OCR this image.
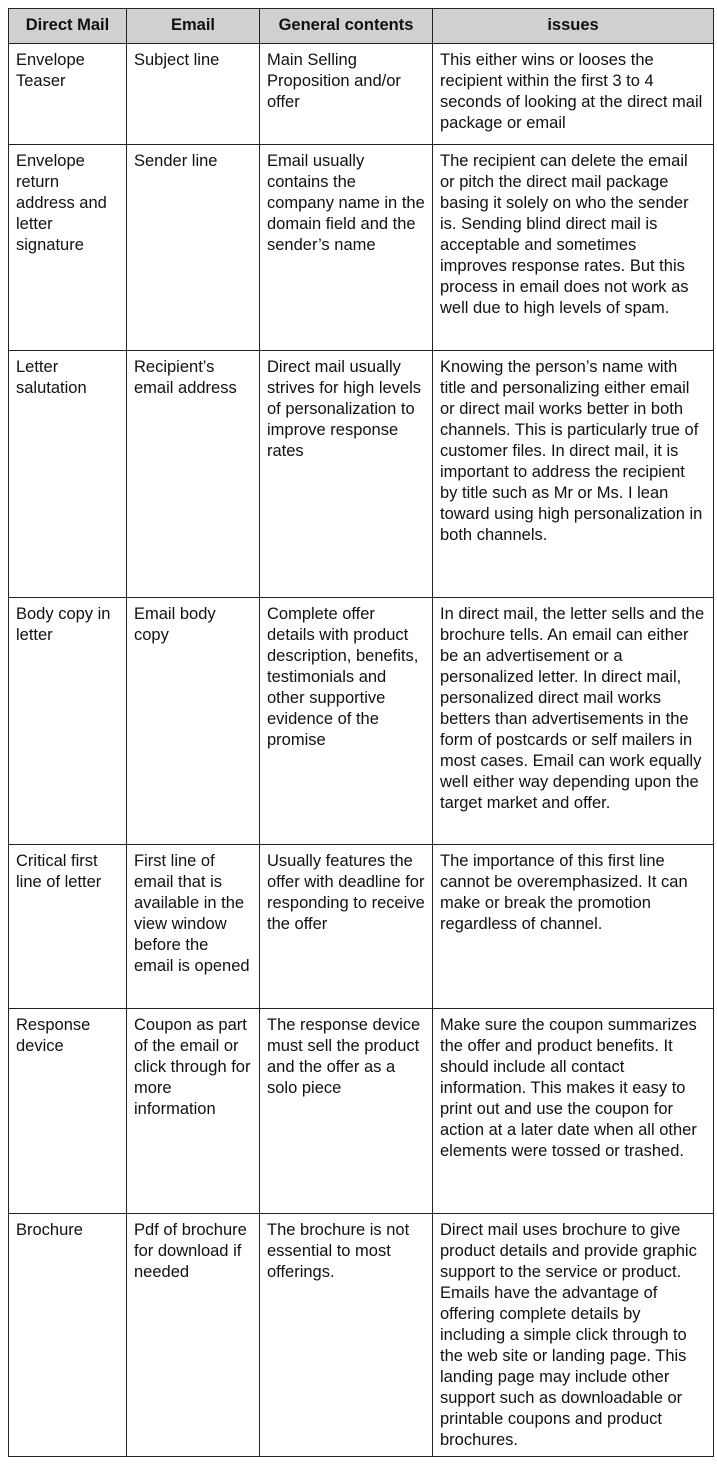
Direct Mail	Email	General contents	issues
Envelope Teaser	Subject line	Main Selling Proposition and/or offer	This either wins or looses the recipient within the first 3 to 4 seconds of looking at the direct mail package or email
Envelope return address and letter signature	Sender line	Email usually contains the company name in the domain field and the sender’s name	The recipient can delete the email or pitch the direct mail package basing it solely on who the sender is. Sending blind direct mail is acceptable and sometimes improves response rates. But this process in email does not work as well due to high levels of spam.
Letter salutation	Recipient’s email address	Direct mail usually strives for high levels of personalization to improve response rates	Knowing the person’s name with title and personalizing either email or direct mail works better in both channels. This is particularly true of customer files. In direct mail, it is important to address the recipient by title such as Mr or Ms. I lean toward using high personalization in both channels.
Body copy in letter	Email body copy	Complete offer details with product description, benefits, testimonials and other supportive evidence of the promise	In direct mail, the letter sells and the brochure tells. An email can either be an advertisement or a personalized letter. In direct mail, personalized direct mail works betters than advertisements in the form of postcards or self mailers in most cases. Email can work equally well either way depending upon the target market and offer.
Critical first line of letter	First line of email that is available in the view window before the email is opened	Usually features the offer with deadline for responding to receive the offer	The importance of this first line cannot be overemphasized. It can make or break the promotion regardless of channel.
Response device	Coupon as part of the email or click through for more information	The response device must sell the product and the offer as a solo piece	Make sure the coupon summarizes the offer and product benefits. It should include all contact information. This makes it easy to print out and use the coupon for action at a later date when all other elements were tossed or trashed.
Brochure	Pdf of brochure for download if needed	The brochure is not essential to most offerings.	Direct mail uses brochure to give product details and provide graphic support to the service or product. Emails have the advantage of offering complete details by including a simple click through to the web site or landing page. This landing page may include other support such as downloadable or printable coupons and product brochures.
